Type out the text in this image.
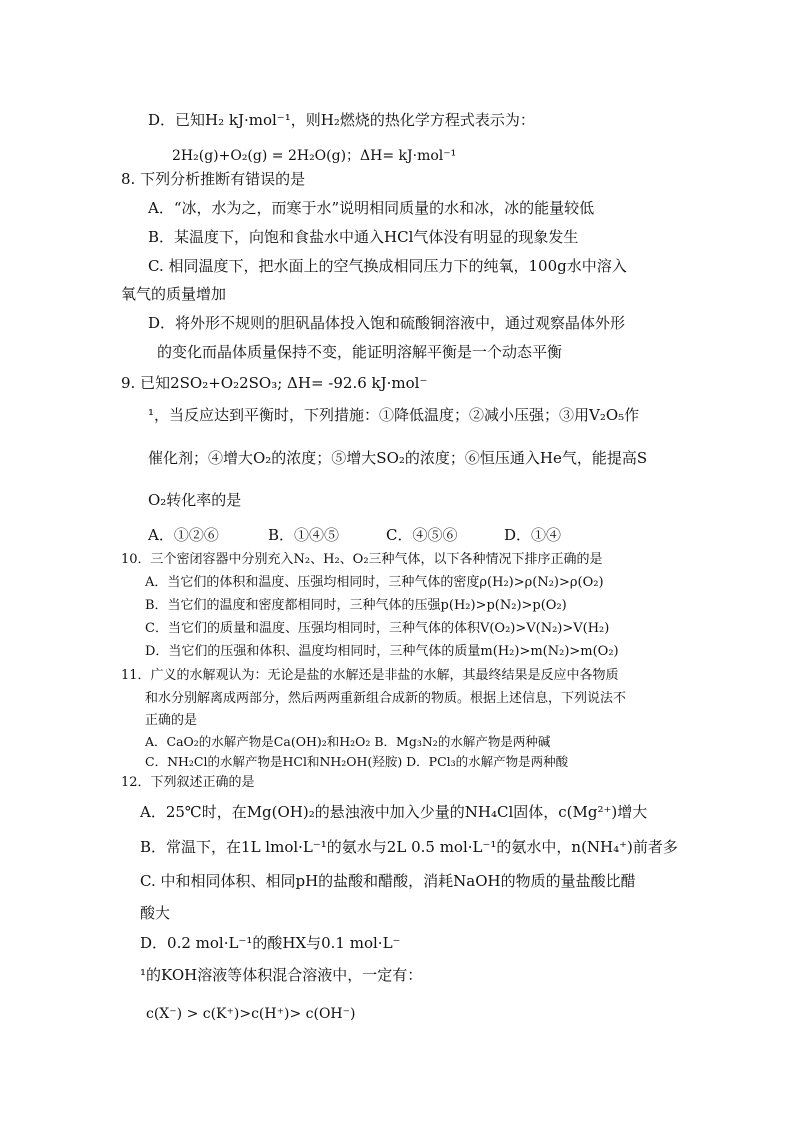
D．已知H₂ kJ·mol⁻¹，则H₂燃烧的热化学方程式表示为：
2H₂(g)+O₂(g) = 2H₂O(g)；ΔH= kJ·mol⁻¹
8. 下列分析推断有错误的是
A．“冰，水为之，而寒于水”说明相同质量的水和冰，冰的能量较低
B．某温度下，向饱和食盐水中通入HCl气体没有明显的现象发生
C. 相同温度下，把水面上的空气换成相同压力下的纯氧，100g水中溶入
氧气的质量增加
D．将外形不规则的胆矾晶体投入饱和硫酸铜溶液中，通过观察晶体外形
的变化而晶体质量保持不变，能证明溶解平衡是一个动态平衡
9. 已知2SO₂+O₂2SO₃; ΔH= -92.6 kJ·mol⁻
¹，当反应达到平衡时，下列措施：①降低温度；②减小压强；③用V₂O₅作
催化剂；④增大O₂的浓度；⑤增大SO₂的浓度；⑥恒压通入He气，能提高S
O₂转化率的是
A．①②⑥	B．①④⑤	C．④⑤⑥	D．①④
10．三个密闭容器中分别充入N₂、H₂、O₂三种气体，以下各种情况下排序正确的是
A．当它们的体积和温度、压强均相同时，三种气体的密度ρ(H₂)>ρ(N₂)>ρ(O₂)
B．当它们的温度和密度都相同时，三种气体的压强p(H₂)>p(N₂)>p(O₂)
C．当它们的质量和温度、压强均相同时，三种气体的体积V(O₂)>V(N₂)>V(H₂)
D．当它们的压强和体积、温度均相同时，三种气体的质量m(H₂)>m(N₂)>m(O₂)
11．广义的水解观认为：无论是盐的水解还是非盐的水解，其最终结果是反应中各物质
和水分别解离成两部分，然后两两重新组合成新的物质。根据上述信息，下列说法不
正确的是
A．CaO₂的水解产物是Ca(OH)₂和H₂O₂ B．Mg₃N₂的水解产物是两种碱
C．NH₂Cl的水解产物是HCl和NH₂OH(羟胺) D．PCl₃的水解产物是两种酸
12．下列叙述正确的是
A．25℃时，在Mg(OH)₂的悬浊液中加入少量的NH₄Cl固体，c(Mg²⁺)增大
B．常温下，在1L lmol·L⁻¹的氨水与2L 0.5 mol·L⁻¹的氨水中，n(NH₄⁺)前者多
C. 中和相同体积、相同pH的盐酸和醋酸，消耗NaOH的物质的量盐酸比醋
酸大
D．0.2 mol·L⁻¹的酸HX与0.1 mol·L⁻
¹的KOH溶液等体积混合溶液中，一定有：
c(X⁻) > c(K⁺)>c(H⁺)> c(OH⁻)
